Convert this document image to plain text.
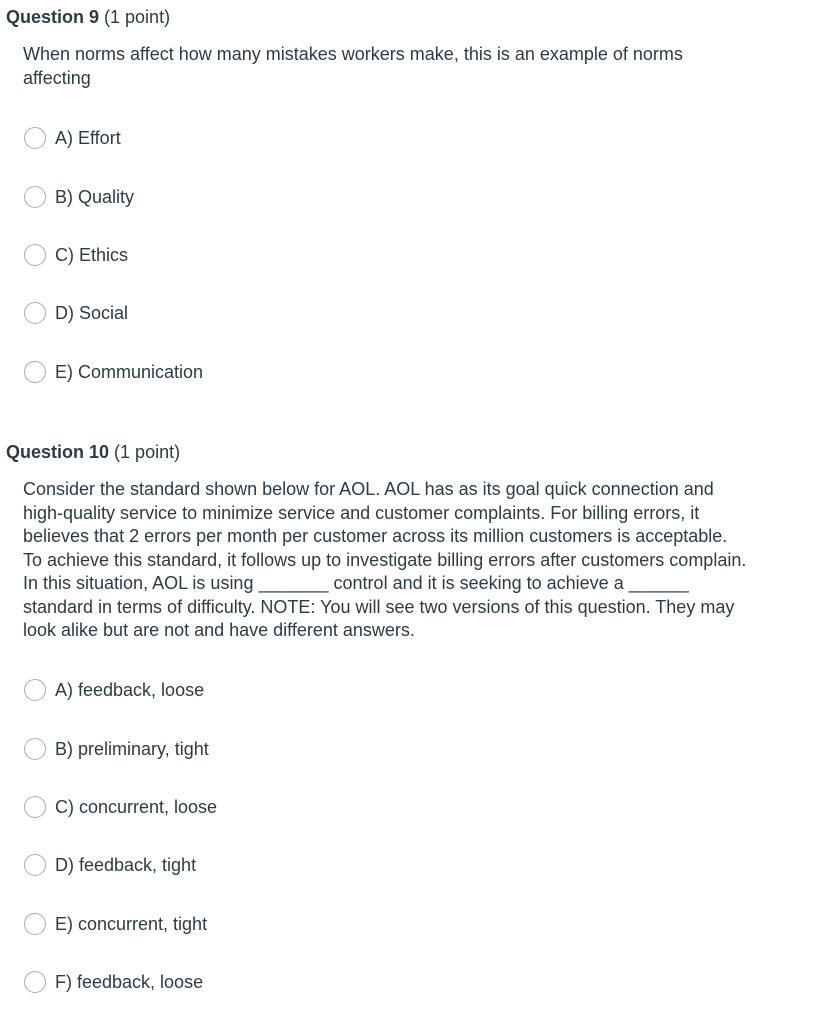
Question 9 (1 point)
When norms affect how many mistakes workers make, this is an example of norms affecting
A) Effort
B) Quality
C) Ethics
D) Social
E) Communication
Question 10 (1 point)
Consider the standard shown below for AOL. AOL has as its goal quick connection and high-quality service to minimize service and customer complaints. For billing errors, it believes that 2 errors per month per customer across its million customers is acceptable. To achieve this standard, it follows up to investigate billing errors after customers complain. In this situation, AOL is using _______ control and it is seeking to achieve a ______ standard in terms of difficulty. NOTE: You will see two versions of this question. They may look alike but are not and have different answers.
A) feedback, loose
B) preliminary, tight
C) concurrent, loose
D) feedback, tight
E) concurrent, tight
F) feedback, loose
